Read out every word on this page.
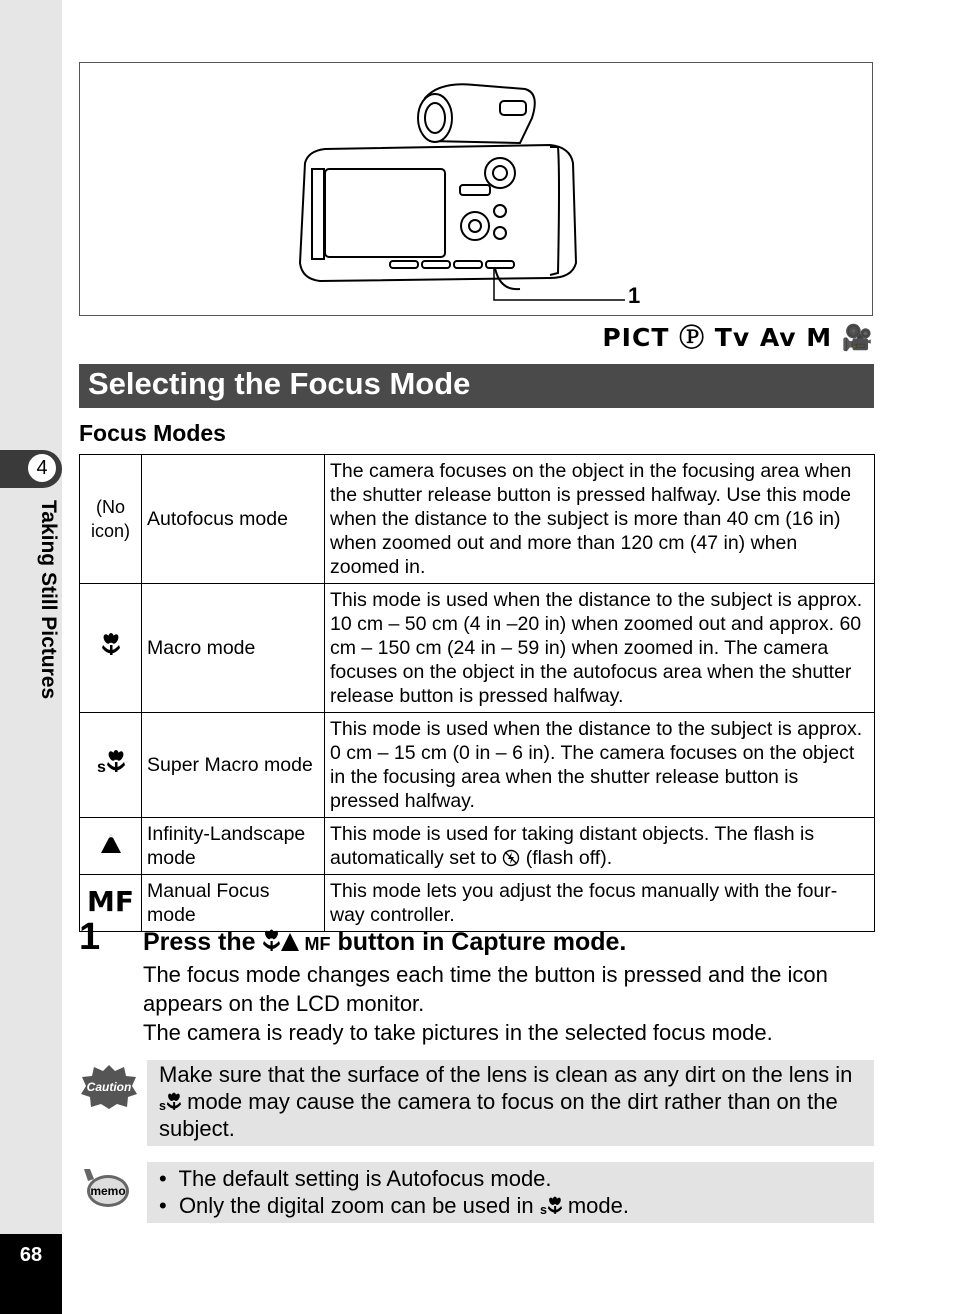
4
Taking Still Pictures
68
1
PICT Ⓟ Tv Av M 🎥
Selecting the Focus Mode
Focus Modes
(No icon)	Autofocus mode	The camera focuses on the object in the focusing area when the shutter release button is pressed halfway. Use this mode when the distance to the subject is more than 40 cm (16 in) when zoomed out and more than 120 cm (47 in) when zoomed in.
	Macro mode	This mode is used when the distance to the subject is approx. 10 cm – 50 cm (4 in –20 in) when zoomed out and approx. 60 cm – 150 cm (24 in – 59 in) when zoomed in. The camera focuses on the object in the autofocus area when the shutter release button is pressed halfway.

s	Super Macro mode	This mode is used when the distance to the subject is approx. 0 cm – 15 cm (0 in – 6 in). The camera focuses on the object in the focusing area when the shutter release button is pressed halfway.
	Infinity-Landscape mode	This mode is used for taking distant objects. The flash is automatically set to (flash off).
MF	Manual Focus mode	This mode lets you adjust the focus manually with the four-way controller.
1 Press the	MF button in Capture mode.

The focus mode changes each time the button is pressed and the icon appears on the LCD monitor.

The camera is ready to take pictures in the selected focus mode.

Caution Make sure that the surface of the lens is clean as any dirt on the lens in
s mode may cause the camera to focus on the dirt rather than on the subject.
memo •  The default setting is Autofocus mode.
•  Only the digital zoom can be used in s mode.
